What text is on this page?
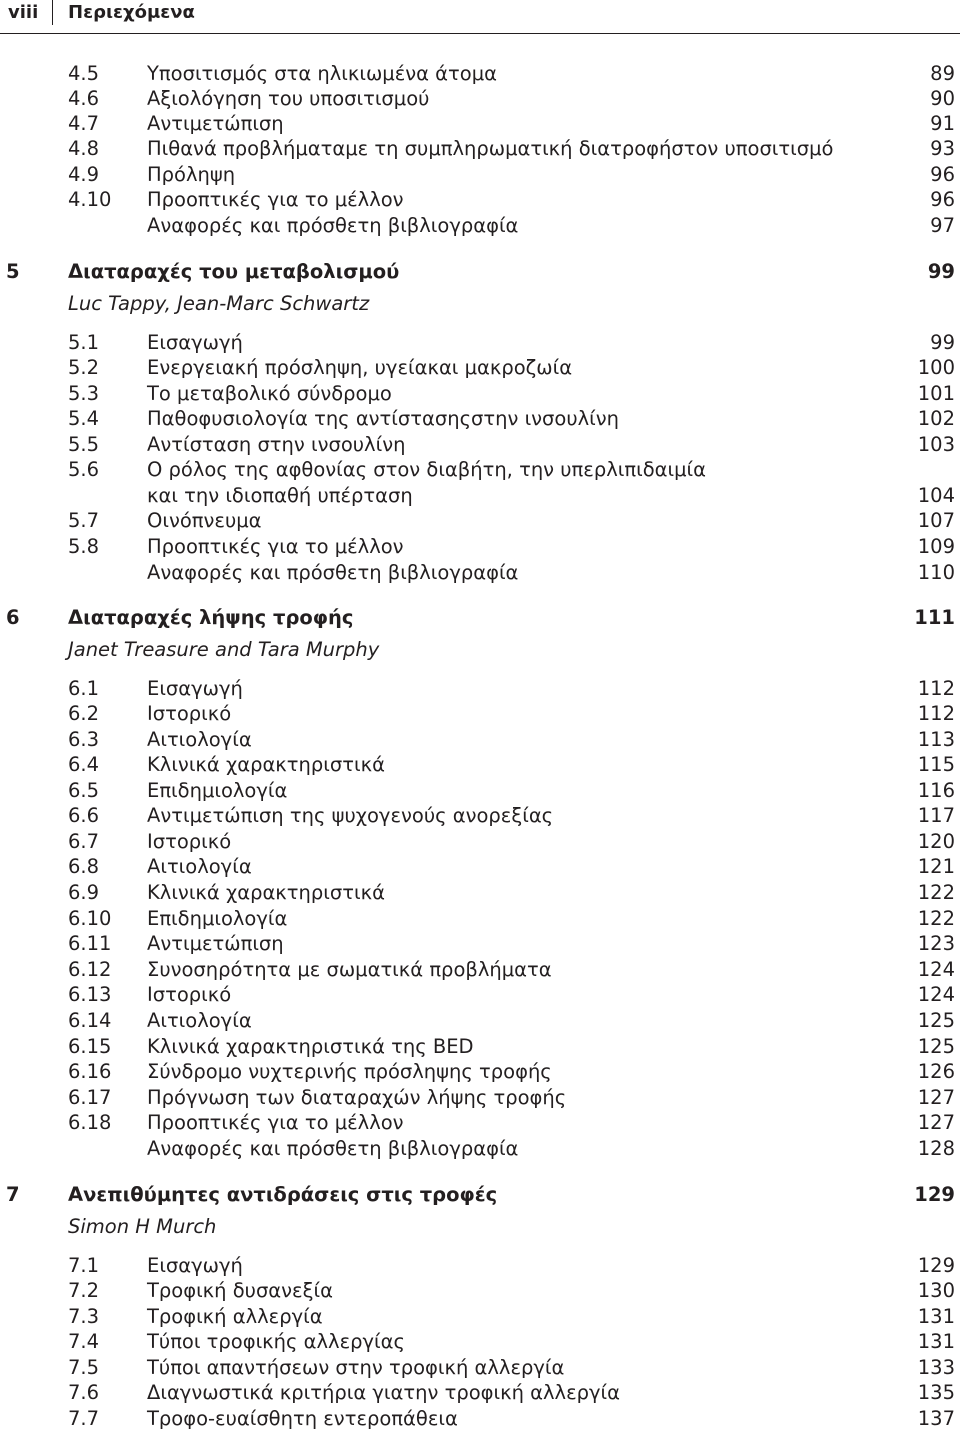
viii Περιεχόμενα
4.5 Υποσιτισμός στα ηλικιωμένα άτομα	89
4.6 Αξιολόγηση του υποσιτισμού	90
4.7 Αντιμετώπιση	91
4.8 Πιθανά προβλήματαμε τη συμπληρωματική διατροφήστον υποσιτισμό	93
4.9 Πρόληψη	96
4.10 Προοπτικές για το μέλλον	96
Αναφορές και πρόσθετη βιβλιογραφία	97
5 Διαταραχές του μεταβολισμού	99
Luc Tappy, Jean-Marc Schwartz
5.1 Εισαγωγή	99
5.2 Ενεργειακή πρόσληψη, υγείακαι μακροζωία	100
5.3 Το μεταβολικό σύνδρομο	101
5.4 Παθοφυσιολογία της αντίστασηςστην ινσουλίνη	102
5.5 Αντίσταση στην ινσουλίνη	103
5.6 Ο ρόλος της αφθονίας στον διαβήτη, την υπερλιπιδαιμία
και την ιδιοπαθή υπέρταση	104
5.7 Οινόπνευμα	107
5.8 Προοπτικές για το μέλλον	109
Αναφορές και πρόσθετη βιβλιογραφία	110
6 Διαταραχές λήψης τροφής	111
Janet Treasure and Tara Murphy
6.1 Εισαγωγή	112
6.2 Ιστορικό	112
6.3 Αιτιολογία	113
6.4 Κλινικά χαρακτηριστικά	115
6.5 Επιδημιολογία	116
6.6 Αντιμετώπιση της ψυχογενούς ανορεξίας	117
6.7 Ιστορικό	120
6.8 Αιτιολογία	121
6.9 Κλινικά χαρακτηριστικά	122
6.10 Επιδημιολογία	122
6.11 Αντιμετώπιση	123
6.12 Συνοσηρότητα με σωματικά προβλήματα	124
6.13 Ιστορικό	124
6.14 Αιτιολογία	125
6.15 Κλινικά χαρακτηριστικά της BED	125
6.16 Σύνδρομο νυχτερινής πρόσληψης τροφής	126
6.17 Πρόγνωση των διαταραχών λήψης τροφής	127
6.18 Προοπτικές για το μέλλον	127
Αναφορές και πρόσθετη βιβλιογραφία	128
7 Ανεπιθύμητες αντιδράσεις στις τροφές	129
Simon H Murch
7.1 Εισαγωγή	129
7.2 Τροφική δυσανεξία	130
7.3 Τροφική αλλεργία	131
7.4 Τύποι τροφικής αλλεργίας	131
7.5 Τύποι απαντήσεων στην τροφική αλλεργία	133
7.6 Διαγνωστικά κριτήρια γιατην τροφική αλλεργία	135
7.7 Τροφο-ευαίσθητη εντεροπάθεια	137
